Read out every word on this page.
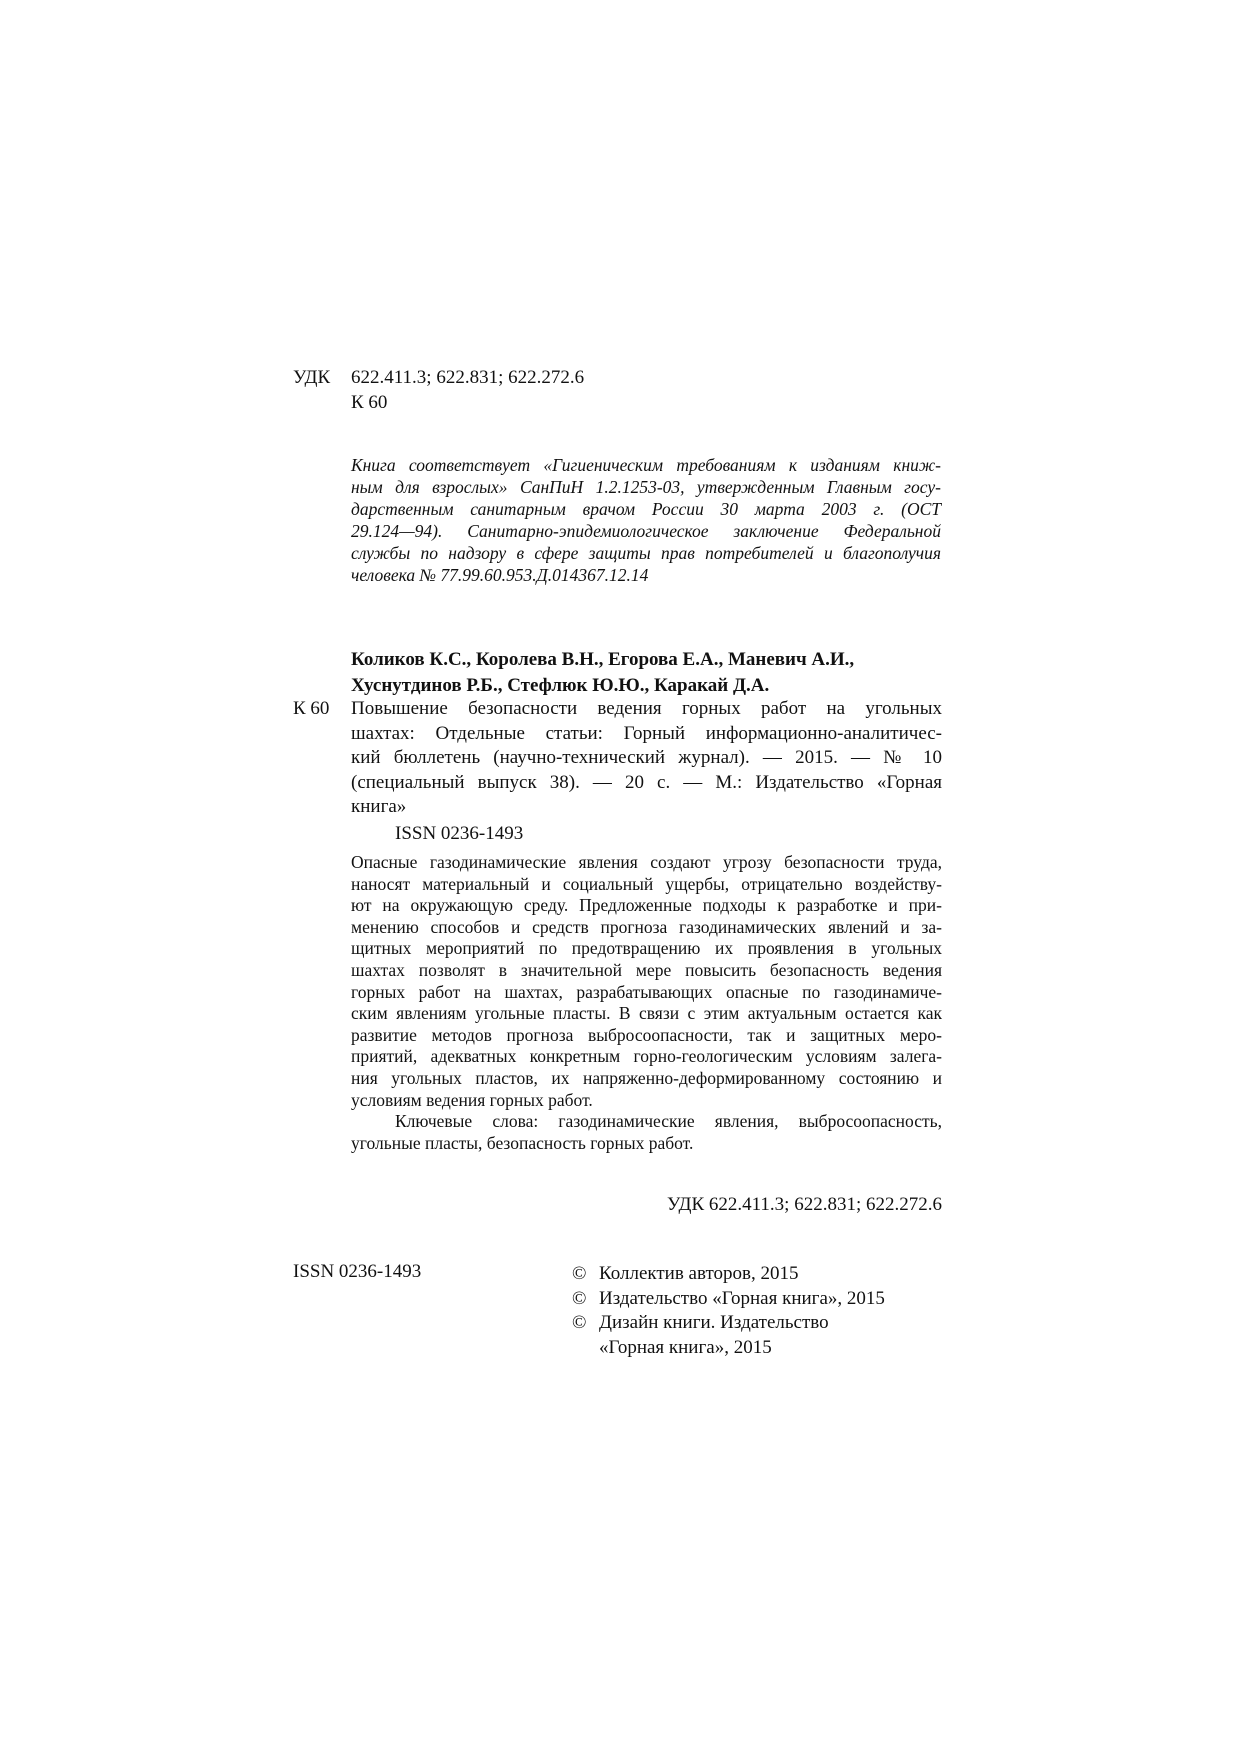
УДК 622.411.3; 622.831; 622.272.6
К 60
Книга соответствует «Гигиеническим требованиям к изданиям книж-
ным для взрослых» СанПиН 1.2.1253-03, утвержденным Главным госу-
дарственным санитарным врачом России 30 марта 2003 г. (ОСТ
29.124—94). Санитарно-эпидемиологическое заключение Федеральной
службы по надзору в сфере защиты прав потребителей и благополучия
человека № 77.99.60.953.Д.014367.12.14
Коликов К.С., Королева В.Н., Егорова Е.А., Маневич А.И.,
Хуснутдинов Р.Б., Стефлюк Ю.Ю., Каракай Д.А.
К 60 Повышение безопасности ведения горных работ на угольных
шахтах: Отдельные статьи: Горный информационно-аналитичес-
кий бюллетень (научно-технический журнал). — 2015. — № 10
(специальный выпуск 38). — 20 с. — М.: Издательство «Горная
книга»
ISSN 0236-1493
Опасные газодинамические явления создают угрозу безопасности труда,
наносят материальный и социальный ущербы, отрицательно воздейству-
ют на окружающую среду. Предложенные подходы к разработке и при-
менению способов и средств прогноза газодинамических явлений и за-
щитных мероприятий по предотвращению их проявления в угольных
шахтах позволят в значительной мере повысить безопасность ведения
горных работ на шахтах, разрабатывающих опасные по газодинамиче-
ским явлениям угольные пласты. В связи с этим актуальным остается как
развитие методов прогноза выбросоопасности, так и защитных меро-
приятий, адекватных конкретным горно-геологическим условиям залега-
ния угольных пластов, их напряженно-деформированному состоянию и
условиям ведения горных работ.
Ключевые слова: газодинамические явления, выбросоопасность,
угольные пласты, безопасность горных работ.
УДК 622.411.3; 622.831; 622.272.6
ISSN 0236-1493	© Коллектив авторов, 2015
© Издательство «Горная книга», 2015
© Дизайн книги. Издательство
«Горная книга», 2015
